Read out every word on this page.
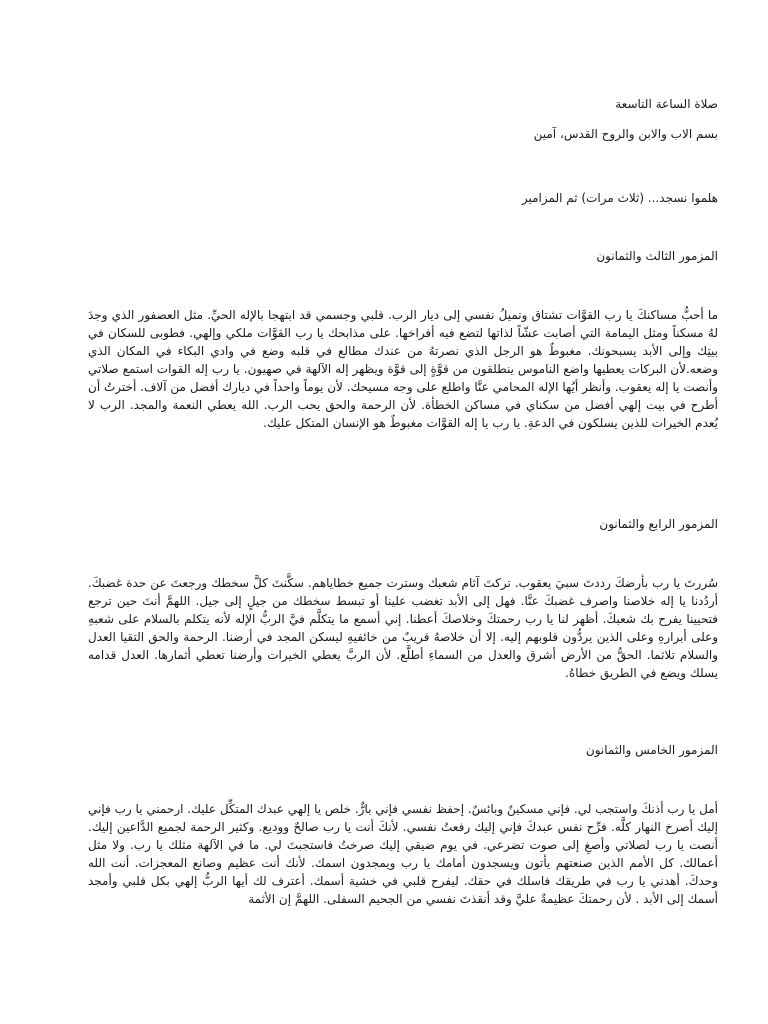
صلاة الساعة التاسعة
بسم الاب والابن والروح القدس، آمين
هلموا نسجد... (ثلاث مرات) ثم المزامير
المزمور الثالث والثمانون
ما أحبُّ مساكنكَ يا رب القوَّات تشتاق وتميلُ نفسي إلى ديار الرب. قلبي وجسمي قد ابتهجا بالإله الحيِّ. مثل العصفور الذي وجدَ لهُ مسكناً ومثل اليمامة التي أصابت عشّاً لذاتها لتضع فيه أفراخها. على مذابحك يا رب القوَّات ملكي وإلهي. فطوبى للسكان في بيتِك وإلى الأبد يسبحونك. مغبوطٌ هو الرجل الذي نصرتهُ من عندك مطالع في قلبه وضع في وادي البكاء في المكان الذي وضعه.لأن البركات يعطيها واضع الناموس ينطلقون من قوَّةٍ إلى قوَّة ويظهر إله الآلهة في صهيون. يا رب إله القوات استمع صلاتي وأنصت يا إله يعقوب. وأنظر أيُها الإله المحامي عنَّا واطلع على وجه مسيحك. لأن يوماً واحداً في ديارك أفضل من آلاف. أخترتُ أن أطرح في بيت إلهي أفضل من سكناي في مساكن الخطأة. لأن الرحمة والحق يحب الرب. الله يعطي النعمة والمجد. الرب لا يُعدم الخيرات للذين يسلكون في الدعةِ. يا رب يا إله القوَّات مغبوطٌ هو الإنسان المتكل عليك.
المزمور الرابع والثمانون
سُررتَ يا رب بأرضكَ رددتَ سبيَ يعقوب. تركتَ آثام شعبك وسترت جميع خطاياهم. سكَّنتَ كلَّ سخطك ورجعتَ عن حدة غضبكَ. أردُدنا يا إله خلاصنا واصرف غضبكَ عنَّا. فهل إلى الأبد تغضب علينا أو تبسط سخطك من جيلٍ إلى جيل. اللهمَّ أنتَ حين ترجع فتحيينا يفرح بك شعبكَ. أظهر لنا يا رب رحمتكَ وخلاصكَ أعطنا. إني أسمع ما يتكلَّم فيَّ الربُّ الإله لأنه يتكلم بالسلام على شعبهِ وعلى أبرارهِ وعلى الذين يردُّون قلوبهم إليه. إلا أن خلاصهُ قريبٌ من خائفيهِ ليسكن المجد في أرضنا. الرحمة والحق التقيا العدل والسلام تلاثما. الحقُّ من الأرض أشرق والعدل من السماءِ أطلَّع. لأن الربَّ يعطي الخيرات وأرضنا تعطي أثمارها. العدل قدامه يسلك ويضع في الطريق خطاهُ.
المزمور الخامس والثمانون
أمل يا رب أذنكَ واستجب لي. فإني مسكينٌ وبائسٌ. إحفظ نفسي فإني بارٌّ. خلص يا إلهي عبدك المتكِّل عليك. ارحمني يا رب فإني إليك أصرخ النهار كلَّه. فرِّح نفس عبدكَ فإني إليك رفعتُ نفسي. لأنكَ أنت يا رب صالحٌ ووديع. وكثير الرحمة لجميع الدَّاعين إليك. أنصت يا رب لصلاتي وأصغِ إلى صوت تضرعي. في يوم ضيقي إليك صرختُ فاستجبتَ لي. ما في الآلهة مثلك يا رب. ولا مثل أعمالك. كل الأمم الذين صنعتهم يأتون ويسجدون أمامك يا رب ويمجدون اسمك. لأنك أنت عظيم وصانع المعجزات. أنت الله وحدكَ. أهدني يا رب في طريقك فاسلك في حقك. ليفرح قلبي في خشية أسمك. أعترف لك أيها الربُّ إلهي بكل قلبي وأمجد أسمك إلى الأبد . لأن رحمتكَ عظيمةٌ عليَّ وقد أنقذتَ نفسي من الجحيم السفلى. اللهمَّ إن الأثمة
